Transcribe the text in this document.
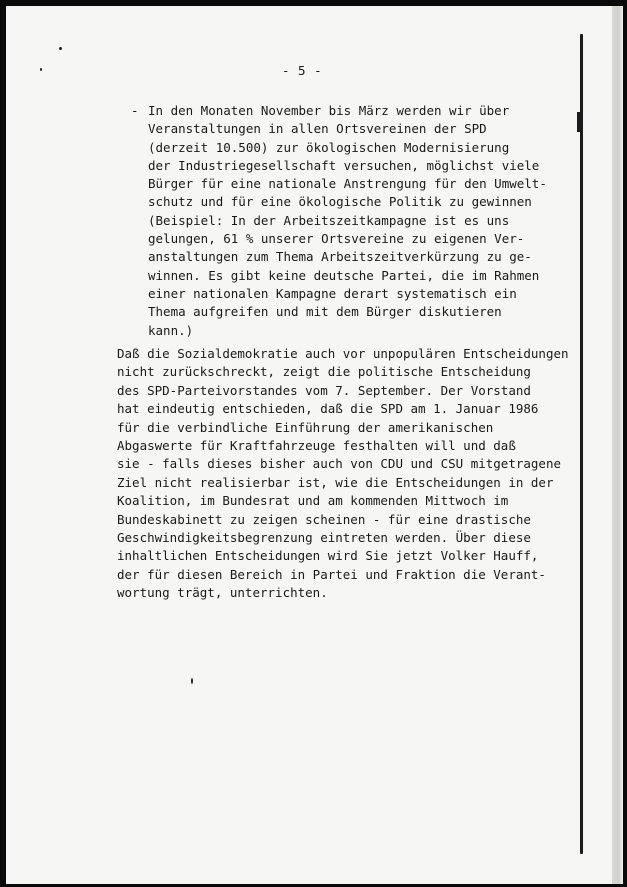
- 5 -
- In den Monaten November bis März werden wir über
Veranstaltungen in allen Ortsvereinen der SPD
(derzeit 10.500) zur ökologischen Modernisierung
der Industriegesellschaft versuchen, möglichst viele
Bürger für eine nationale Anstrengung für den Umwelt-
schutz und für eine ökologische Politik zu gewinnen
(Beispiel: In der Arbeitszeitkampagne ist es uns
gelungen, 61 % unserer Ortsvereine zu eigenen Ver-
anstaltungen zum Thema Arbeitszeitverkürzung zu ge-
winnen. Es gibt keine deutsche Partei, die im Rahmen
einer nationalen Kampagne derart systematisch ein
Thema aufgreifen und mit dem Bürger diskutieren
kann.)
Daß die Sozialdemokratie auch vor unpopulären Entscheidungen
nicht zurückschreckt, zeigt die politische Entscheidung
des SPD-Parteivorstandes vom 7. September. Der Vorstand
hat eindeutig entschieden, daß die SPD am 1. Januar 1986
für die verbindliche Einführung der amerikanischen
Abgaswerte für Kraftfahrzeuge festhalten will und daß
sie - falls dieses bisher auch von CDU und CSU mitgetragene
Ziel nicht realisierbar ist, wie die Entscheidungen in der
Koalition, im Bundesrat und am kommenden Mittwoch im
Bundeskabinett zu zeigen scheinen - für eine drastische
Geschwindigkeitsbegrenzung eintreten werden. Über diese
inhaltlichen Entscheidungen wird Sie jetzt Volker Hauff,
der für diesen Bereich in Partei und Fraktion die Verant-
wortung trägt, unterrichten.
